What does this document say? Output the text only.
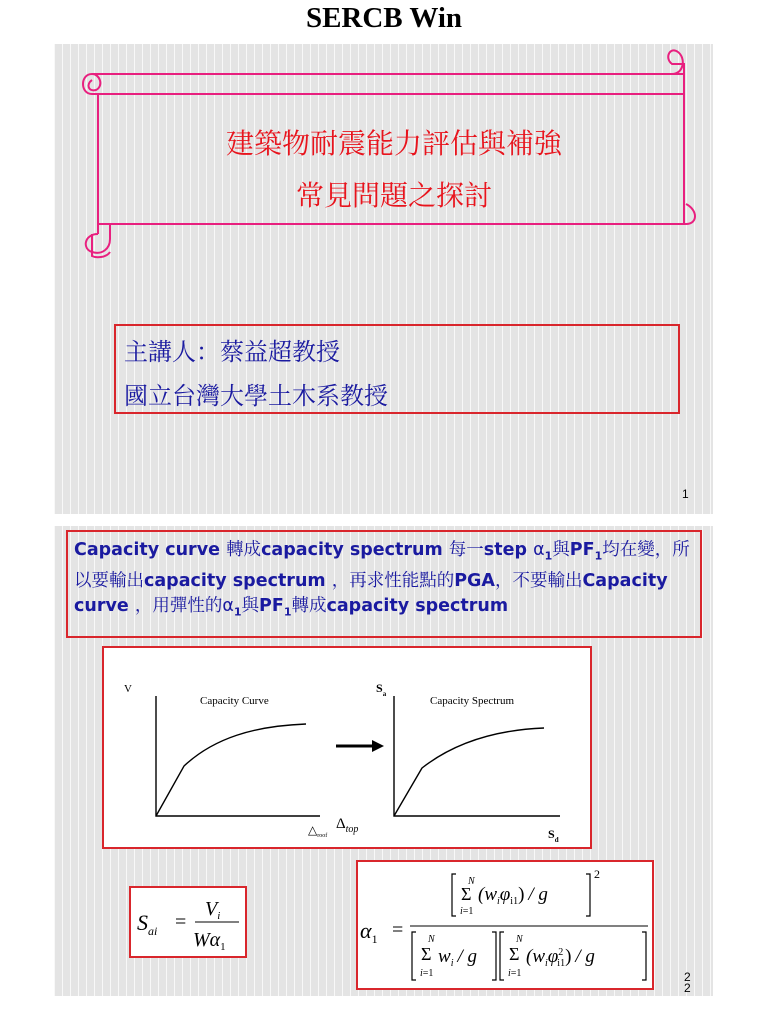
SERCB Win
建築物耐震能力評估與補強
常見問題之探討
主講人：蔡益超教授
國立台灣大學土木系教授
1
Capacity curve 轉成capacity spectrum 每一step $\alpha_1$與$PF_1$均在變，所以要輸出capacity spectrum ，再求性能點的PGA，不要輸出Capacity curve ，用彈性的$\alpha_1$與$PF_1$轉成capacity spectrum
V
Capacity Curve
$\triangle_{roof}$
$\Delta_{top}$
$S_a$
Capacity Spectrum
$S_d$
$S_{ai}$ =
$V_i$
$W\alpha_1$
$\alpha_1$ =
N
Σ
i=1
$(w_i\varphi_{i1})$ / g
2
N
Σ
i=1
$w_i$ / g
N
Σ
i=1
($w_i\varphi^2$ i1) / g
2
2
